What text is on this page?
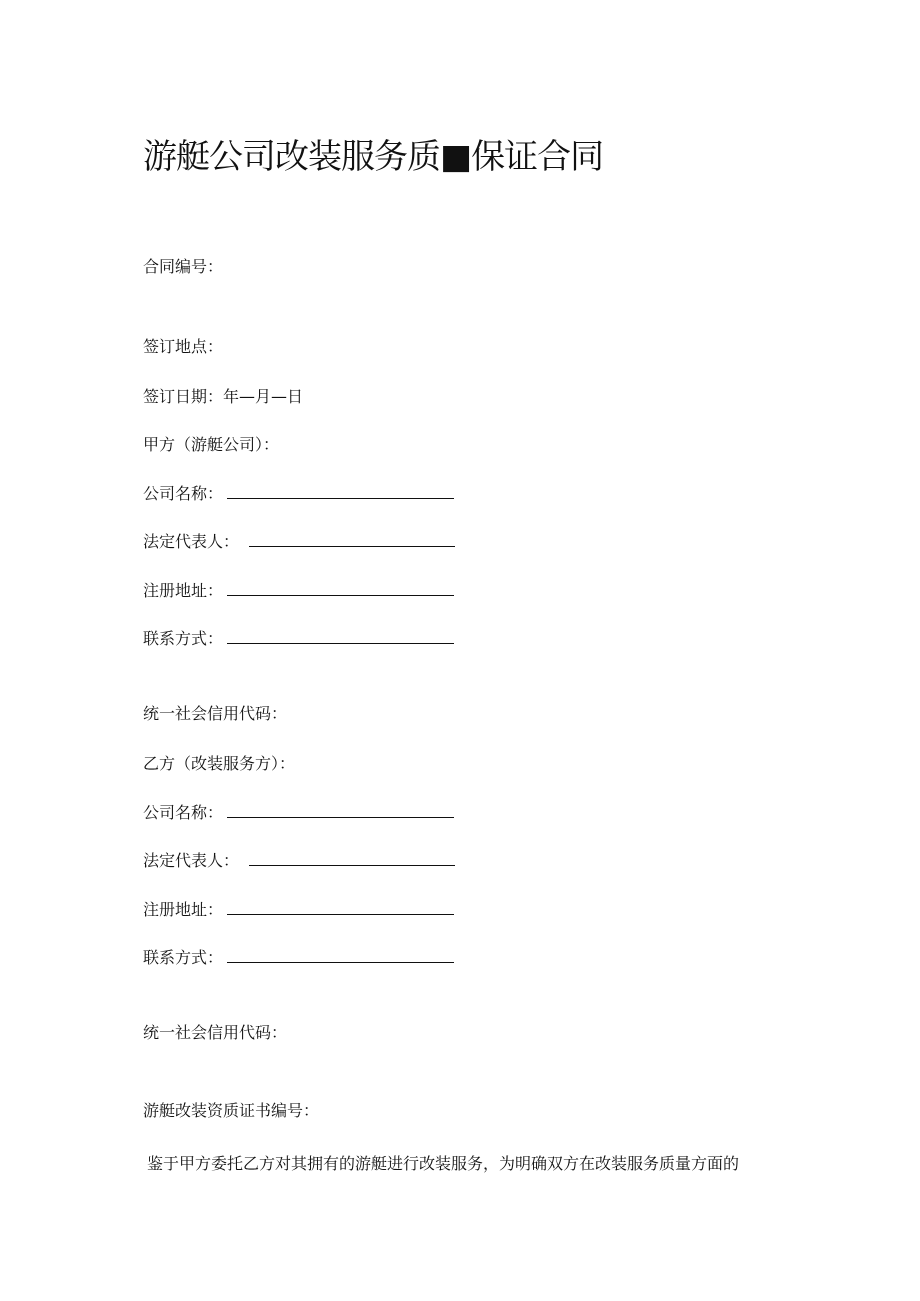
游艇公司改装服务质■保证合同
合同编号：
签订地点：
签订日期：年—月—日
甲方（游艇公司）：
公司名称：
法定代表人：
注册地址：
联系方式：
统一社会信用代码：
乙方（改装服务方）：
公司名称：
法定代表人：
注册地址：
联系方式：
统一社会信用代码：
游艇改装资质证书编号：
鉴于甲方委托乙方对其拥有的游艇进行改装服务，为明确双方在改装服务质量方面的
